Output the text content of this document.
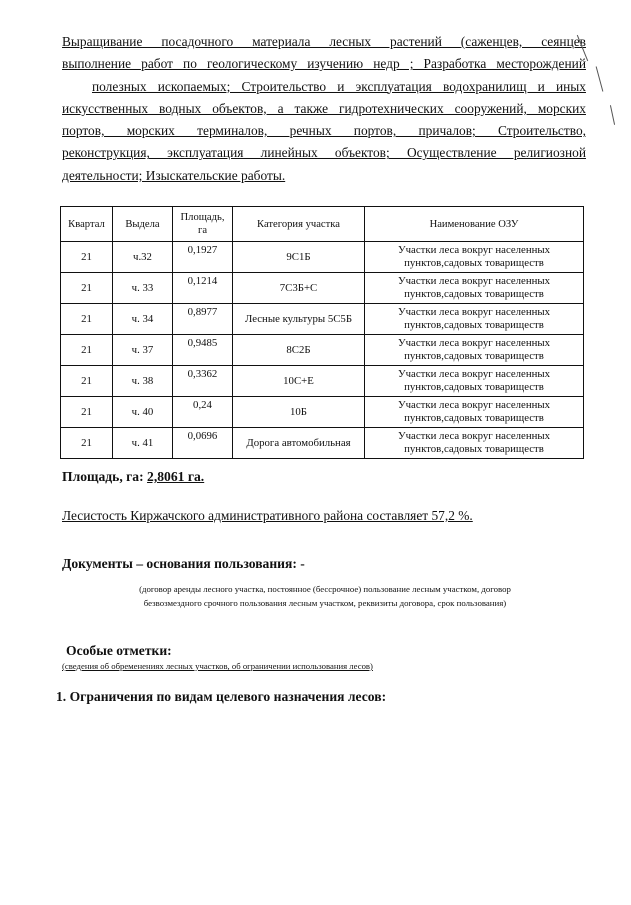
Выращивание посадочного материала лесных растений (саженцев, сеянцев

выполнение работ по геологическому изучению недр ; Разработка месторождений

полезных ископаемых; Строительство и эксплуатация водохранилищ и иных

искусственных водных объектов, а также гидротехнических сооружений, морских

портов, морских терминалов, речных портов, причалов; Строительство,

реконструкция, эксплуатация линейных объектов; Осуществление религиозной

деятельности; Изыскательские работы.

Квартал	Выдела	Площадь, га	Категория участка	Наименование ОЗУ
21	ч.32	0,1927	9С1Б	Участки леса вокруг населенных пунктов,садовых товариществ
21	ч. 33	0,1214	7С3Б+С	Участки леса вокруг населенных пунктов,садовых товариществ
21	ч. 34	0,8977	Лесные культуры 5С5Б	Участки леса вокруг населенных пунктов,садовых товариществ
21	ч. 37	0,9485	8С2Б	Участки леса вокруг населенных пунктов,садовых товариществ
21	ч. 38	0,3362	10С+Е	Участки леса вокруг населенных пунктов,садовых товариществ
21	ч. 40	0,24	10Б	Участки леса вокруг населенных пунктов,садовых товариществ
21	ч. 41	0,0696	Дорога автомобильная	Участки леса вокруг населенных пунктов,садовых товариществ
Площадь, га: 2,8061 га.
Лесистость Киржачского административного района составляет 57,2 %.
Документы – основания пользования: -
(договор аренды лесного участка, постоянное (бессрочное) пользование лесным участком, договор
безвозмездного срочного пользования лесным участком, реквизиты договора, срок пользования)
Особые отметки:
(сведения об обременениях лесных участков, об ограничении использования лесов)
1. Ограничения по видам целевого назначения лесов:
